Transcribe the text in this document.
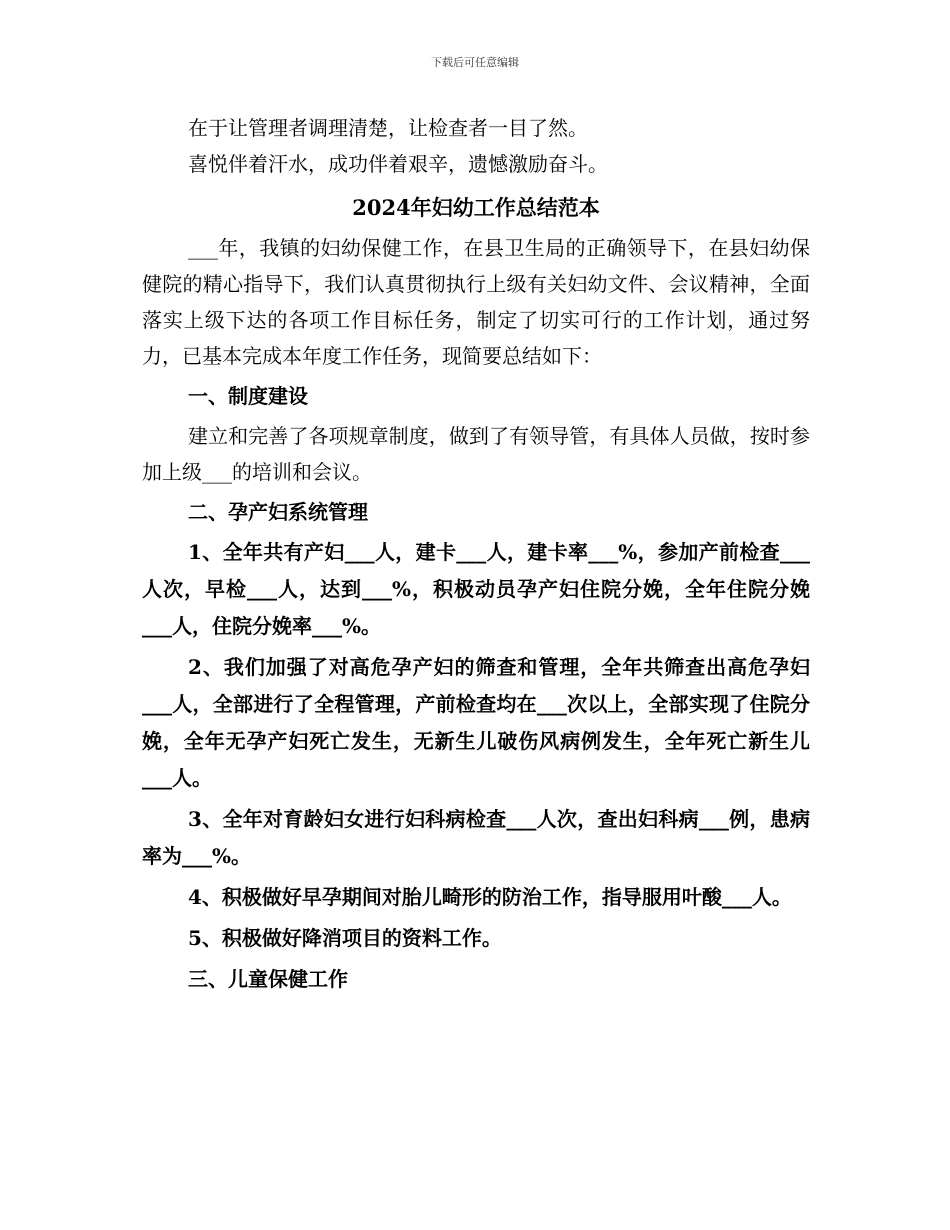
下载后可任意编辑
在于让管理者调理清楚，让检查者一目了然。
喜悦伴着汗水，成功伴着艰辛，遗憾激励奋斗。
2024年妇幼工作总结范本
___年，我镇的妇幼保健工作，在县卫生局的正确领导下，在县妇幼保健院的精心指导下，我们认真贯彻执行上级有关妇幼文件、会议精神，全面落实上级下达的各项工作目标任务，制定了切实可行的工作计划，通过努力，已基本完成本年度工作任务，现简要总结如下：
一、制度建设
建立和完善了各项规章制度，做到了有领导管，有具体人员做，按时参加上级___的培训和会议。
二、孕产妇系统管理
1、全年共有产妇___人，建卡___人，建卡率___%，参加产前检查___人次，早检___人，达到___%，积极动员孕产妇住院分娩，全年住院分娩___人，住院分娩率___%。
2、我们加强了对高危孕产妇的筛查和管理，全年共筛查出高危孕妇___人，全部进行了全程管理，产前检查均在___次以上，全部实现了住院分娩，全年无孕产妇死亡发生，无新生儿破伤风病例发生，全年死亡新生儿___人。
3、全年对育龄妇女进行妇科病检查___人次，查出妇科病___例，患病率为___%。
4、积极做好早孕期间对胎儿畸形的防治工作，指导服用叶酸___人。
5、积极做好降消项目的资料工作。
三、儿童保健工作
